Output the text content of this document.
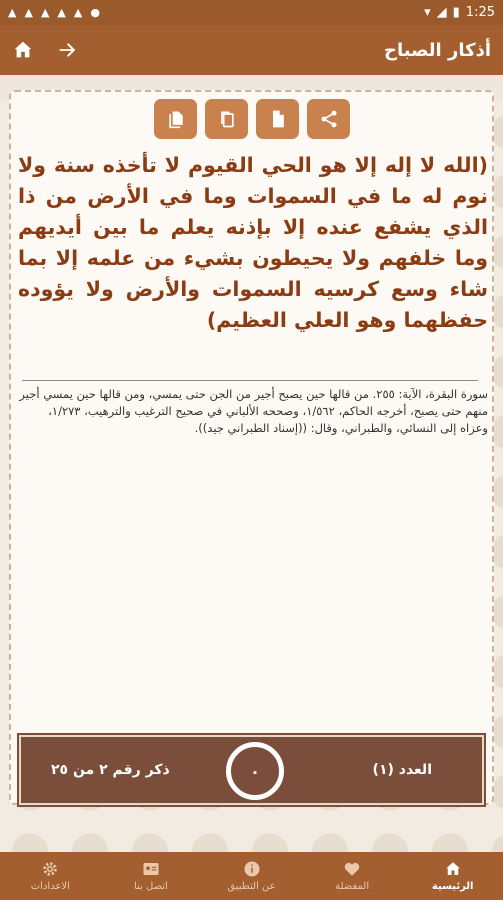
▲ ▲ ▲ ▲ ▲ ●	▾ ◢ ▮ 1:25
أذكار الصباح
(الله لا إله إلا هو الحي القيوم لا تأخذه سنة ولا نوم له ما في السموات وما في الأرض من ذا الذي يشفع عنده إلا بإذنه يعلم ما بين أيديهم وما خلفهم ولا يحيطون بشيء من علمه إلا بما شاء وسع كرسيه السموات والأرض ولا يؤوده حفظهما وهو العلي العظيم)
سورة البقرة، الآية: ٢٥٥. من قالها حين يصبح أجير من الجن حتى يمسي، ومن قالها حين يمسي أجير منهم حتى يصبح، أخرجه الحاكم، ١/٥٦٢، وصححه الألباني في صحيح الترغيب والترهيب، ١/٢٧٣، وعزاه إلى النسائي، والطبراني، وقال: ((إسناد الطبراني جيد)).
العدد (١)
٠
ذكر رقم ٢ من ٢٥
الرئيسية
المفضلة
عن التطبيق
اتصل بنا
الاعدادات
